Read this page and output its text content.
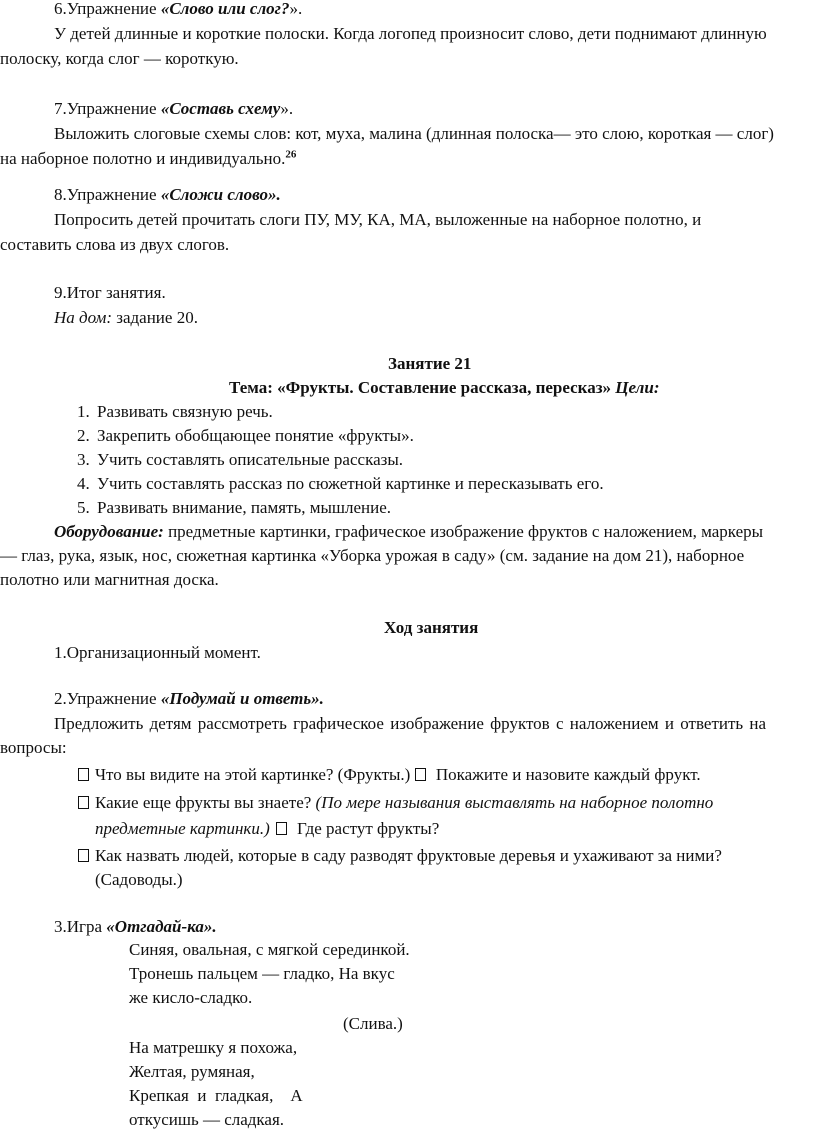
6.Упражнение «Слово или слог?».
У детей длинные и короткие полоски. Когда логопед произносит слово, дети поднимают длинную
полоску, когда слог — короткую.
7.Упражнение «Составь схему».
Выложить слоговые схемы слов: кот, муха, малина (длинная полоска— это слою, короткая — слог)
на наборное полотно и индивидуально.$^{26}$
8.Упражнение «Сложи слово».
Попросить детей прочитать слоги ПУ, МУ, КА, МА, выложенные на наборное полотно, и
составить слова из двух слогов.
9.Итог занятия.
На дом: задание 20.
Занятие 21
Тема: «Фрукты. Составление рассказа, пересказ» Цели:
1. Развивать связную речь.
2. Закрепить обобщающее понятие «фрукты».
3. Учить составлять описательные рассказы.
4. Учить составлять рассказ по сюжетной картинке и пересказывать его.
5. Развивать внимание, память, мышление.
Оборудование: предметные картинки, графическое изображение фруктов с наложением, маркеры
— глаз, рука, язык, нос, сюжетная картинка «Уборка урожая в саду» (см. задание на дом 21), наборное
полотно или магнитная доска.
Ход занятия
1.Организационный момент.
2.Упражнение «Подумай и ответь».
Предложить детям рассмотреть графическое изображение фруктов с наложением и ответить на
вопросы:
Что вы видите на этой картинке? (Фрукты.)  Покажите и назовите каждый фрукт.
Какие еще фрукты вы знаете? (По мере называния выставлять на наборное полотно
предметные картинки.) Где растут фрукты?
Как назвать людей, которые в саду разводят фруктовые деревья и ухаживают за ними?
(Садоводы.)
3.Игра «Отгадай-ка».
Синяя, овальная, с мягкой серединкой.
Тронешь пальцем — гладко, На вкус
же кисло-сладко.
(Слива.)
На матрешку я похожа,
Желтая, румяная,
Крепкая  и  гладкая,    А
откусишь — сладкая.
